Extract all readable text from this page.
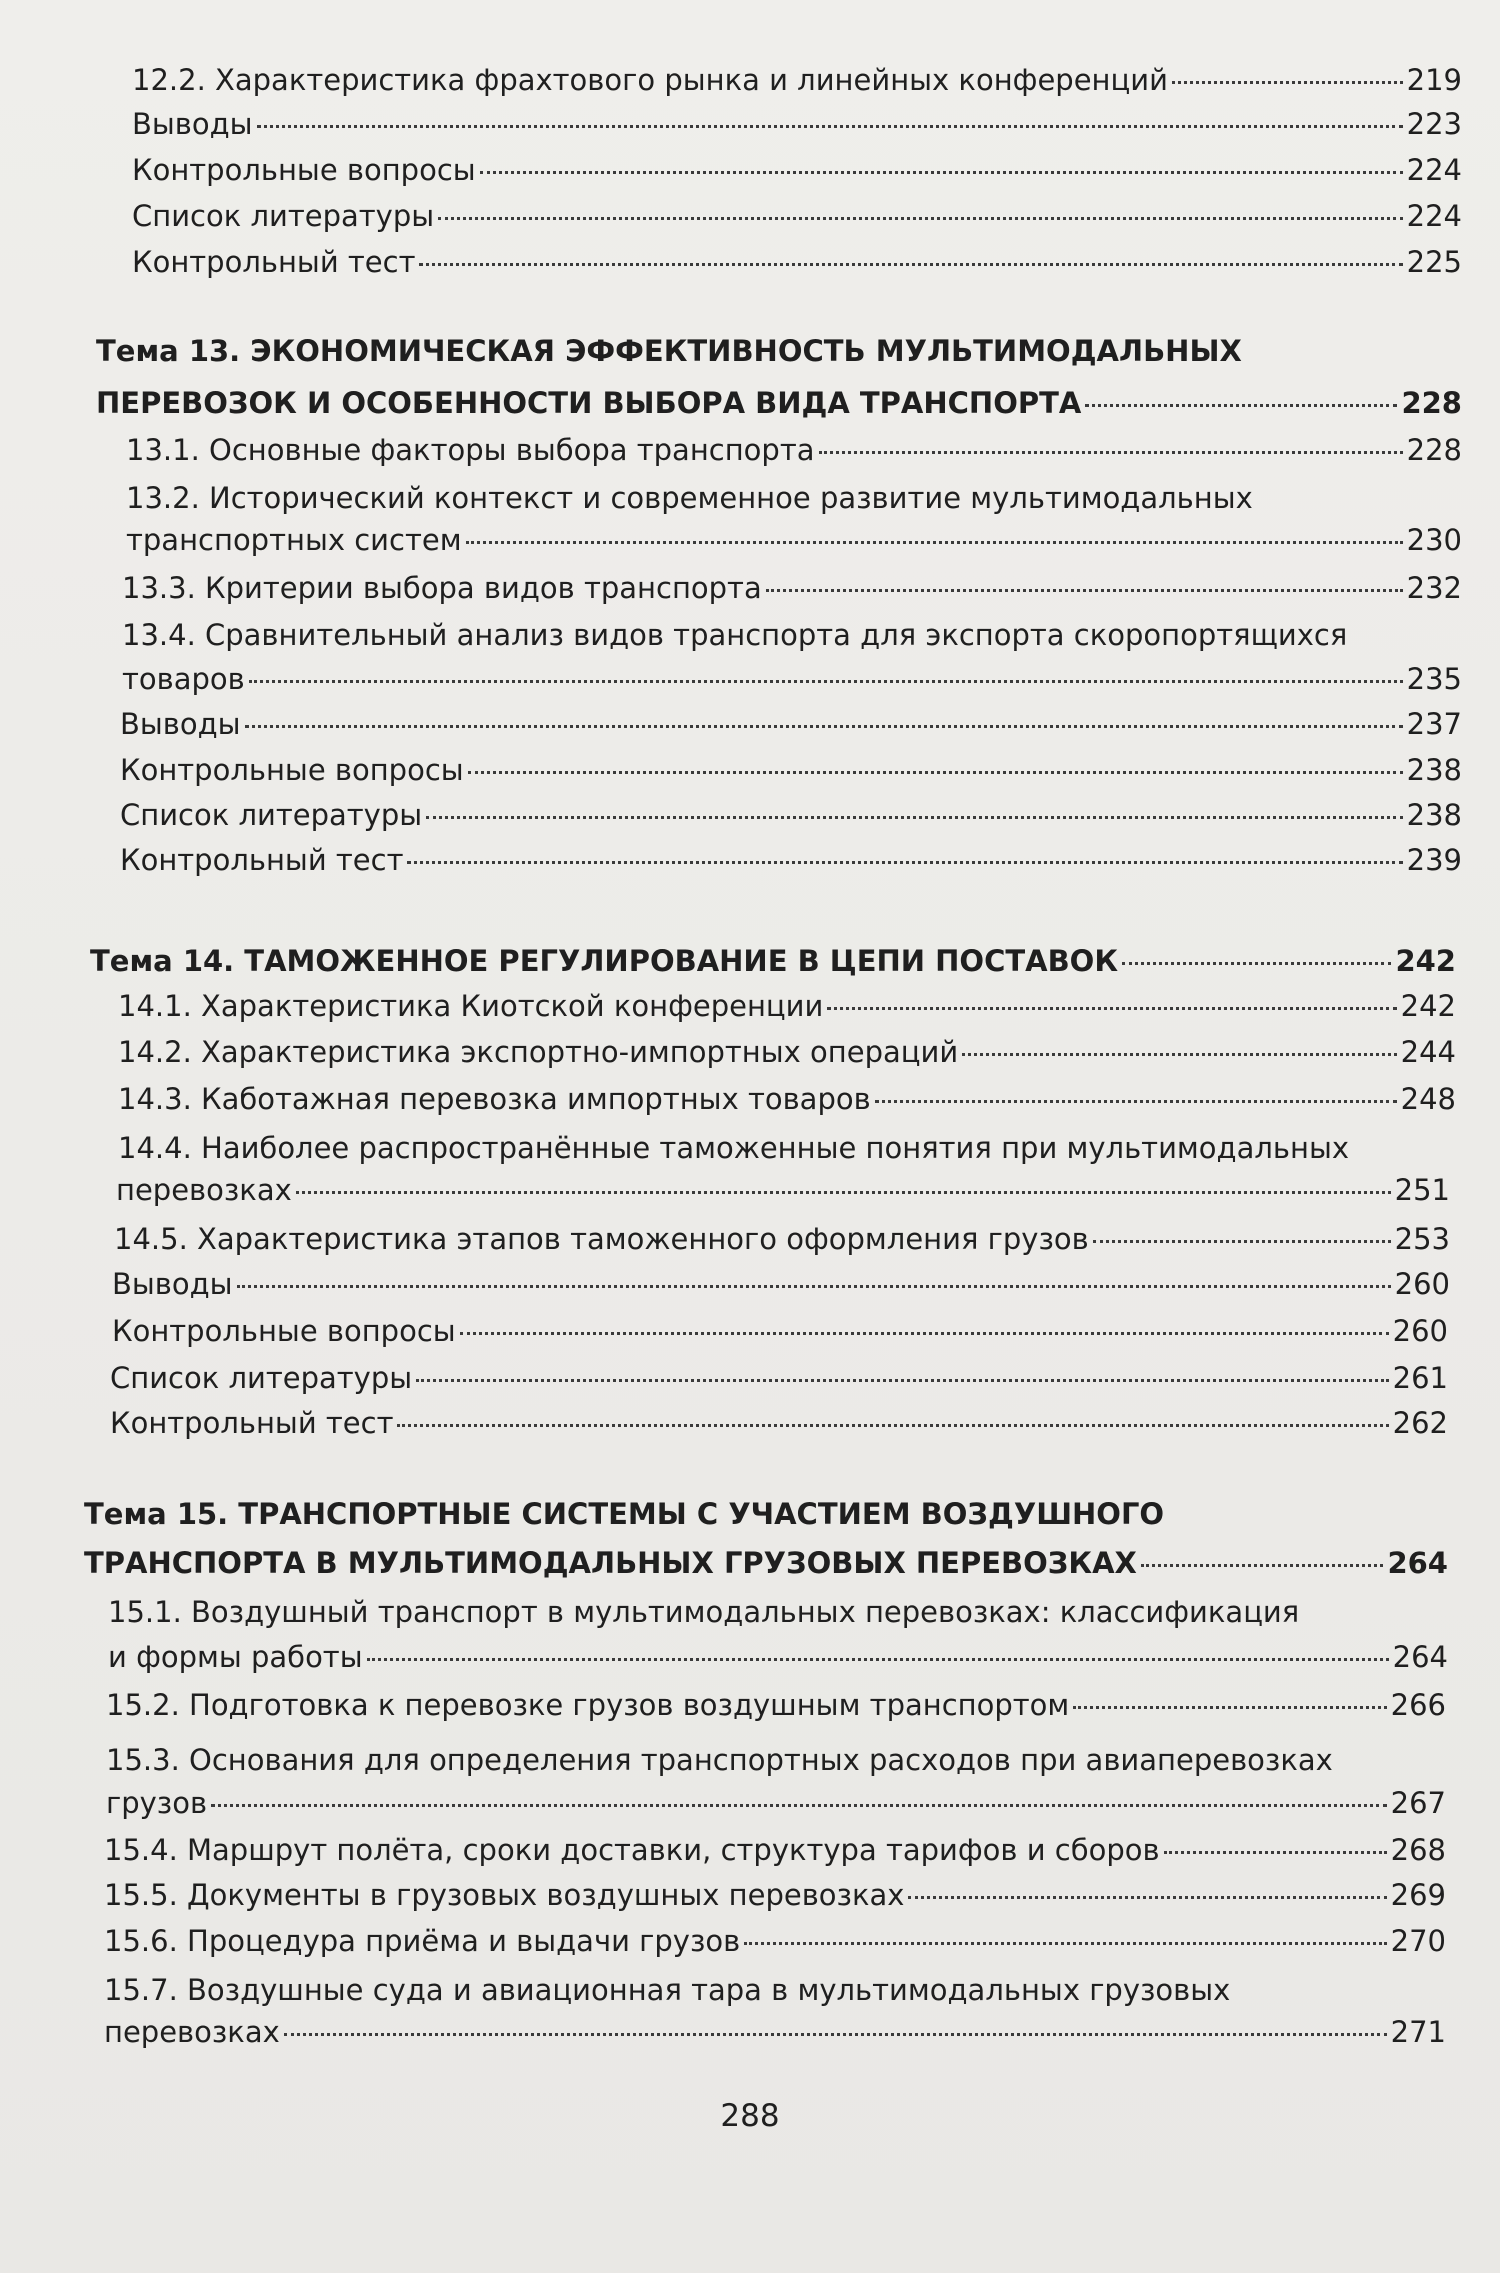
12.2. Характеристика фрахтового рынка и линейных конференций	219
Выводы	223
Контрольные вопросы	224
Список литературы	224
Контрольный тест	225
Тема 13. ЭКОНОМИЧЕСКАЯ ЭФФЕКТИВНОСТЬ МУЛЬТИМОДАЛЬНЫХ
ПЕРЕВОЗОК И ОСОБЕННОСТИ ВЫБОРА ВИДА ТРАНСПОРТА	228
13.1. Основные факторы выбора транспорта	228
13.2. Исторический контекст и современное развитие мультимодальных
транспортных систем	230
13.3. Критерии выбора видов транспорта	232
13.4. Сравнительный анализ видов транспорта для экспорта скоропортящихся
товаров	235
Выводы	237
Контрольные вопросы	238
Список литературы	238
Контрольный тест	239
Тема 14. ТАМОЖЕННОЕ РЕГУЛИРОВАНИЕ В ЦЕПИ ПОСТАВОК	242
14.1. Характеристика Киотской конференции	242
14.2. Характеристика экспортно-импортных операций	244
14.3. Каботажная перевозка импортных товаров	248
14.4. Наиболее распространённые таможенные понятия при мультимодальных
перевозках	251
14.5. Характеристика этапов таможенного оформления грузов	253
Выводы	260
Контрольные вопросы	260
Список литературы	261
Контрольный тест	262
Тема 15. ТРАНСПОРТНЫЕ СИСТЕМЫ С УЧАСТИЕМ ВОЗДУШНОГО
ТРАНСПОРТА В МУЛЬТИМОДАЛЬНЫХ ГРУЗОВЫХ ПЕРЕВОЗКАХ	264
15.1. Воздушный транспорт в мультимодальных перевозках: классификация
и формы работы	264
15.2. Подготовка к перевозке грузов воздушным транспортом	266
15.3. Основания для определения транспортных расходов при авиаперевозках
грузов	267
15.4. Маршрут полёта, сроки доставки, структура тарифов и сборов	268
15.5. Документы в грузовых воздушных перевозках	269
15.6. Процедура приёма и выдачи грузов	270
15.7. Воздушные суда и авиационная тара в мультимодальных грузовых
перевозках	271
288
